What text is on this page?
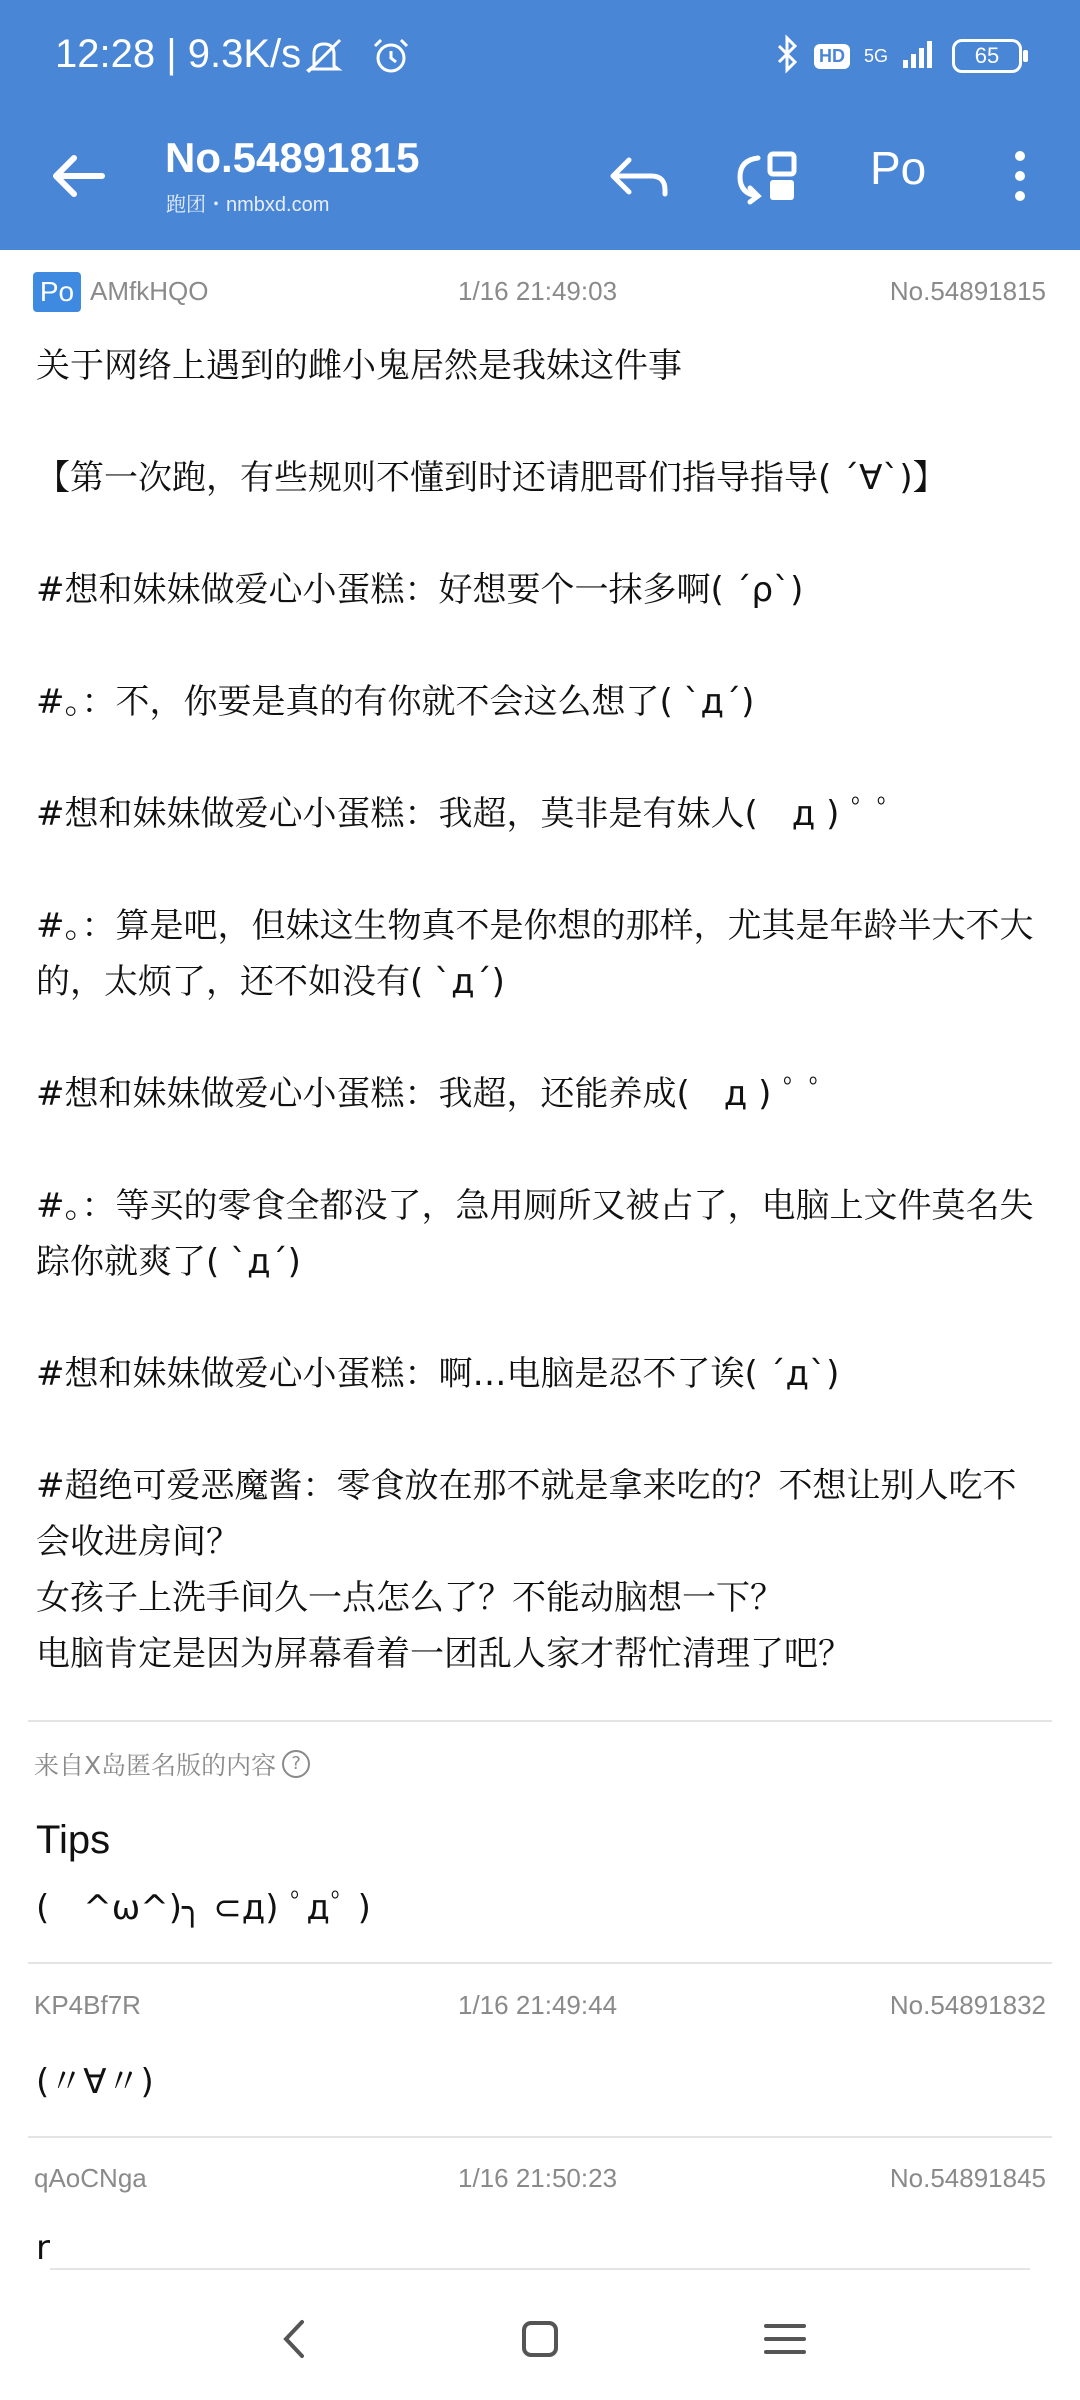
12:28 | 9.3K/s	HD 5G	65
No.54891815
跑团・nmbxd.com
Po
Po AMfkHQO	1/16 21:49:03	No.54891815

关于网络上遇到的雌小鬼居然是我妹这件事

【第一次跑，有些规则不懂到时还请肥哥们指导指导( ´∀`)】

#想和妹妹做爱心小蛋糕：好想要个一抹多啊( ´ρ`)

#。：不，你要是真的有你就不会这么想了( `д´)

#想和妹妹做爱心小蛋糕：我超，莫非是有妹人(　д ) ﾟ ﾟ

#。：算是吧，但妹这生物真不是你想的那样，尤其是年龄半大不大的，太烦了，还不如没有( `д´)

#想和妹妹做爱心小蛋糕：我超，还能养成(　д ) ﾟ ﾟ

#。：等买的零食全都没了，急用厕所又被占了，电脑上文件莫名失踪你就爽了( `д´)

#想和妹妹做爱心小蛋糕：啊…电脑是忍不了诶( ´д`)

#超绝可爱恶魔酱：零食放在那不就是拿来吃的？不想让别人吃不会收进房间？

女孩子上洗手间久一点怎么了？不能动脑想一下？

电脑肯定是因为屏幕看着一团乱人家才帮忙清理了吧？

来自X岛匿名版的内容 ?
Tips
(　^ω^)╮ ⊂д) ﾟдﾟ )
KP4Bf7R	1/16 21:49:44	No.54891832
(〃∀〃)
qAoCNga	1/16 21:50:23	No.54891845
r
